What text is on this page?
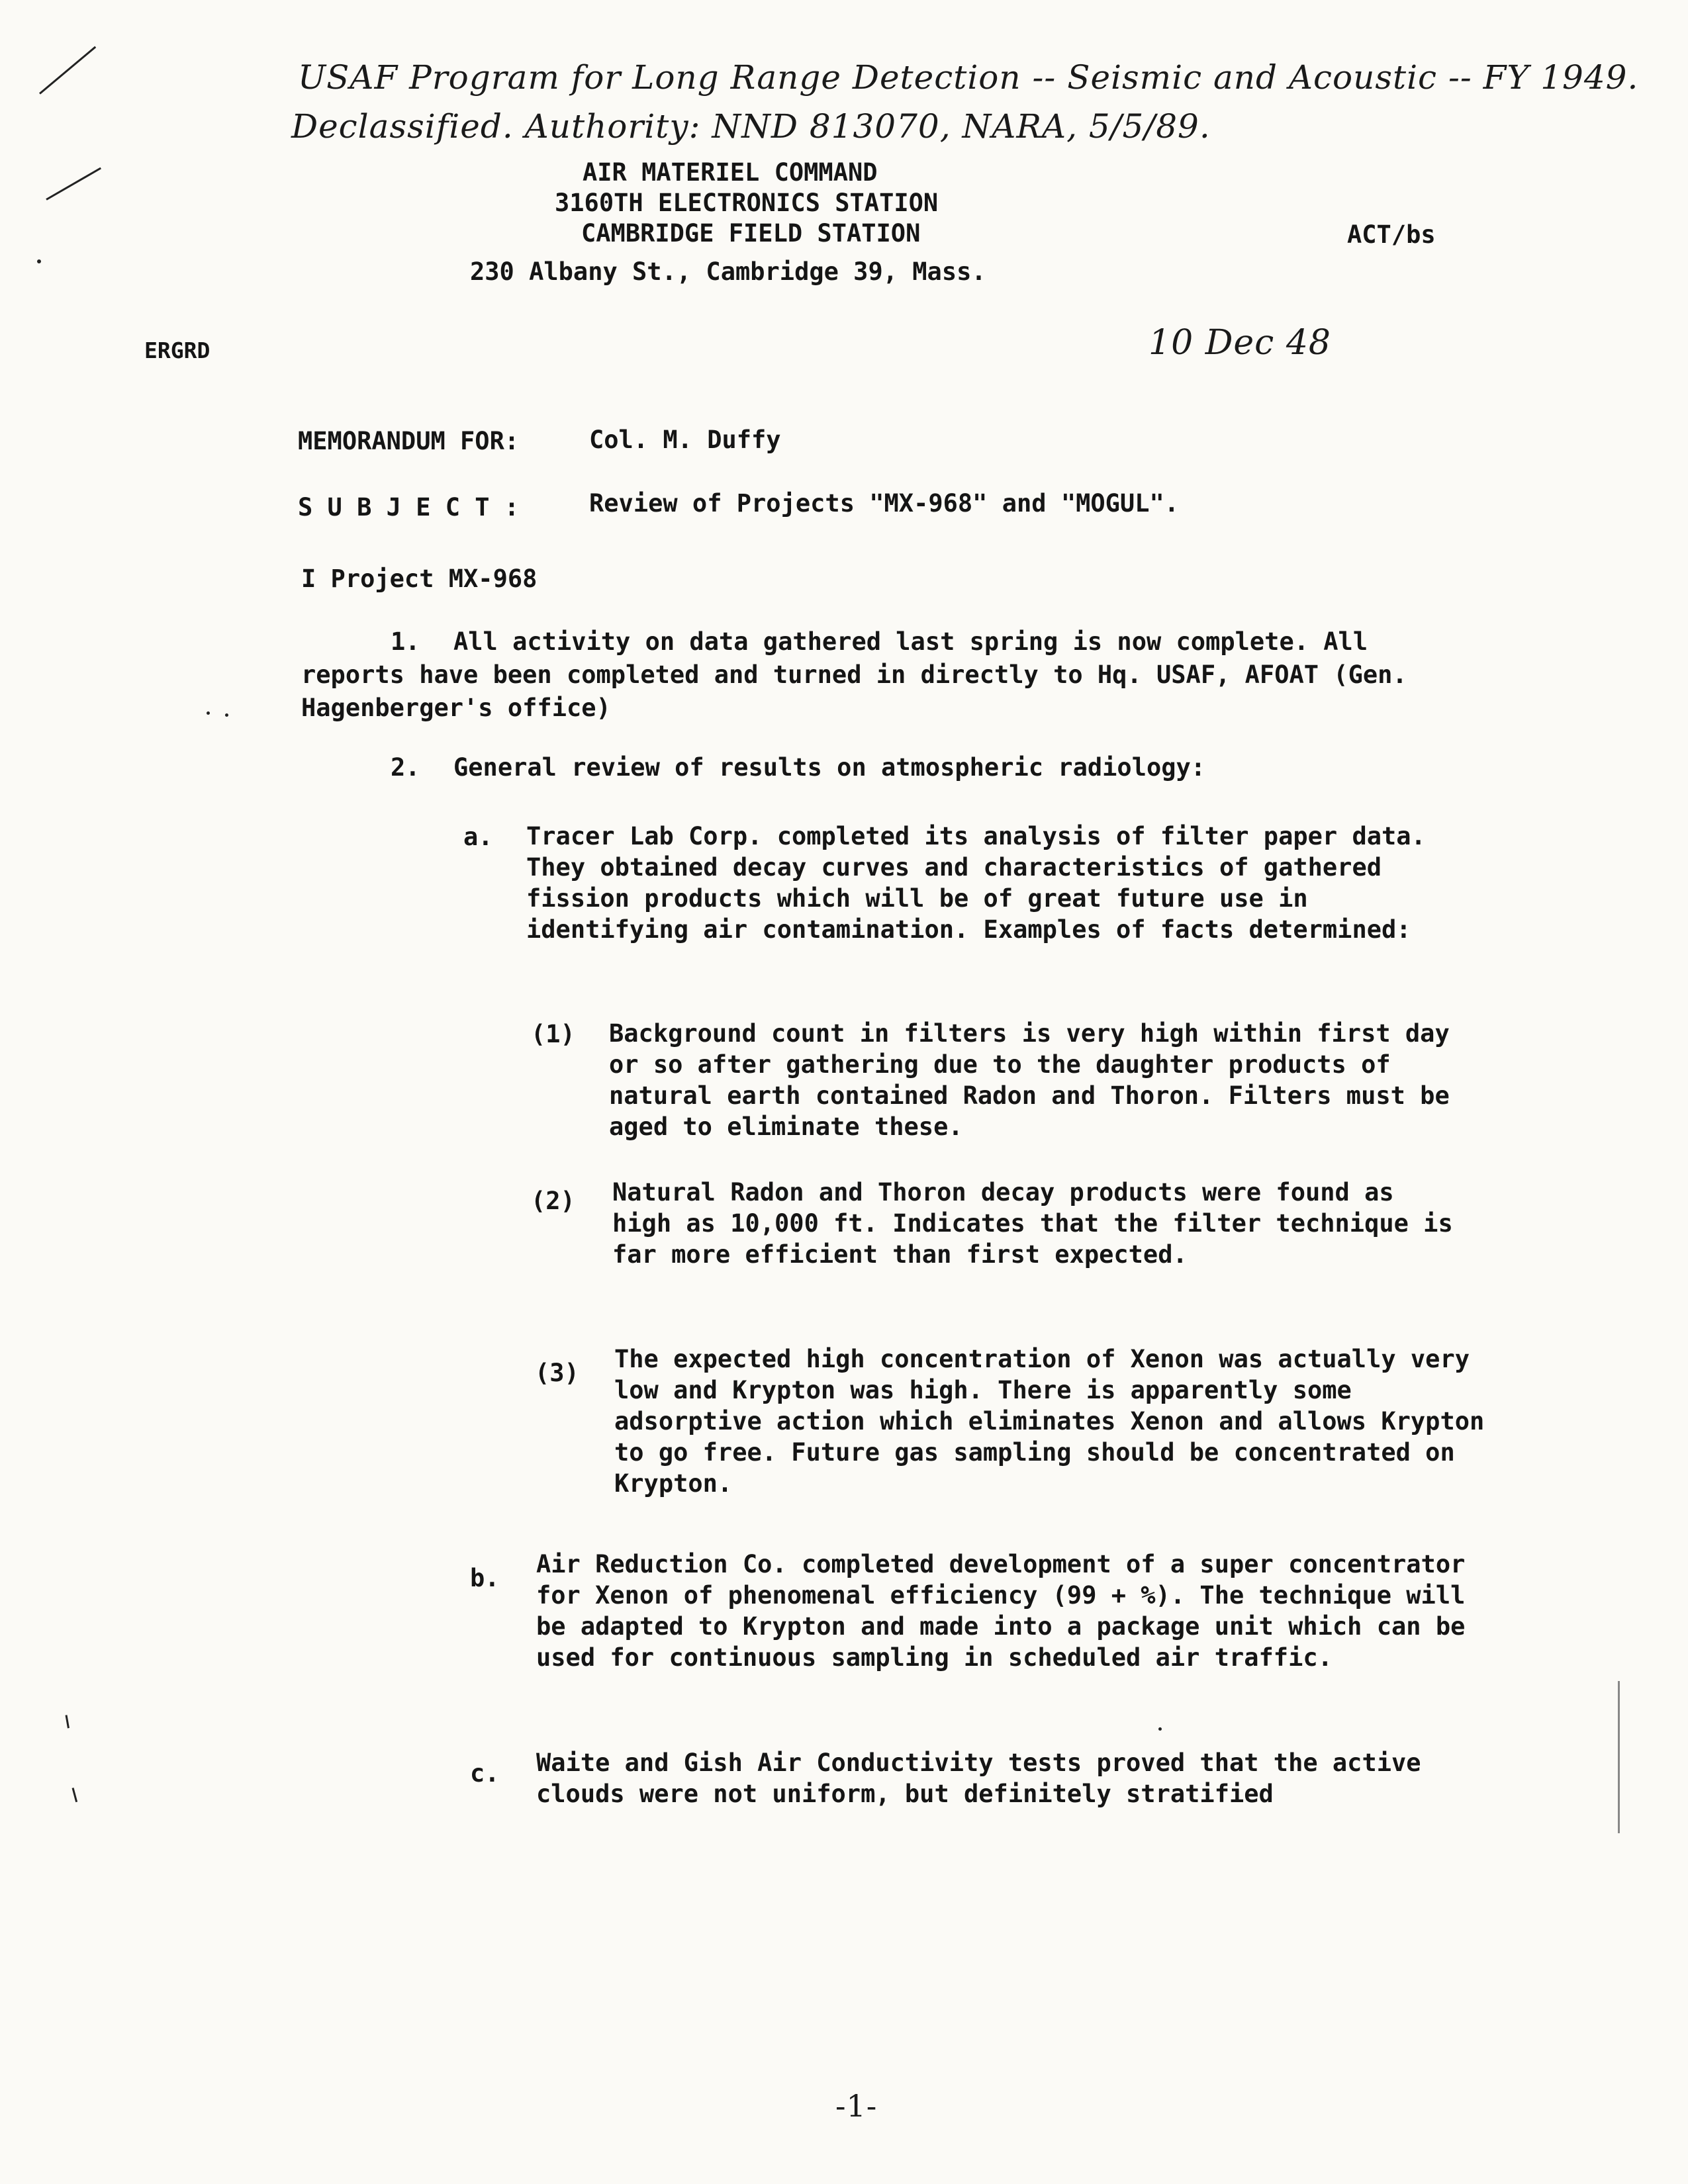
USAF Program for Long Range Detection -- Seismic and Acoustic -- FY 1949.
Declassified. Authority: NND 813070, NARA, 5/5/89.
AIR MATERIEL COMMAND
3160TH ELECTRONICS STATION
CAMBRIDGE FIELD STATION
230 Albany St., Cambridge 39, Mass.
ACT/bs
ERGRD	10 Dec 48
MEMORANDUM FOR:	Col. M. Duffy
S U B J E C T :	Review of Projects "MX-968" and "MOGUL".
I Project MX-968
1.	All activity on data gathered last spring is now complete. All reports have been completed and turned in directly to Hq. USAF, AFOAT (Gen. Hagenberger's office)
2. General review of results on atmospheric radiology:
a. Tracer Lab Corp. completed its analysis of filter paper data. They obtained decay curves and characteristics of gathered fission products which will be of great future use in identifying air contamination. Examples of facts determined:
(1) Background count in filters is very high within first day or so after gathering due to the daughter products of natural earth contained Radon and Thoron. Filters must be aged to eliminate these.
(2) Natural Radon and Thoron decay products were found as high as 10,000 ft. Indicates that the filter technique is far more efficient than first expected.
(3) The expected high concentration of Xenon was actually very low and Krypton was high. There is apparently some adsorptive action which eliminates Xenon and allows Krypton to go free. Future gas sampling should be concentrated on Krypton.
b. Air Reduction Co. completed development of a super concentrator for Xenon of phenomenal efficiency (99 + %). The technique will be adapted to Krypton and made into a package unit which can be used for continuous sampling in scheduled air traffic.
c. Waite and Gish Air Conductivity tests proved that the active clouds were not uniform, but definitely stratified
-1-
